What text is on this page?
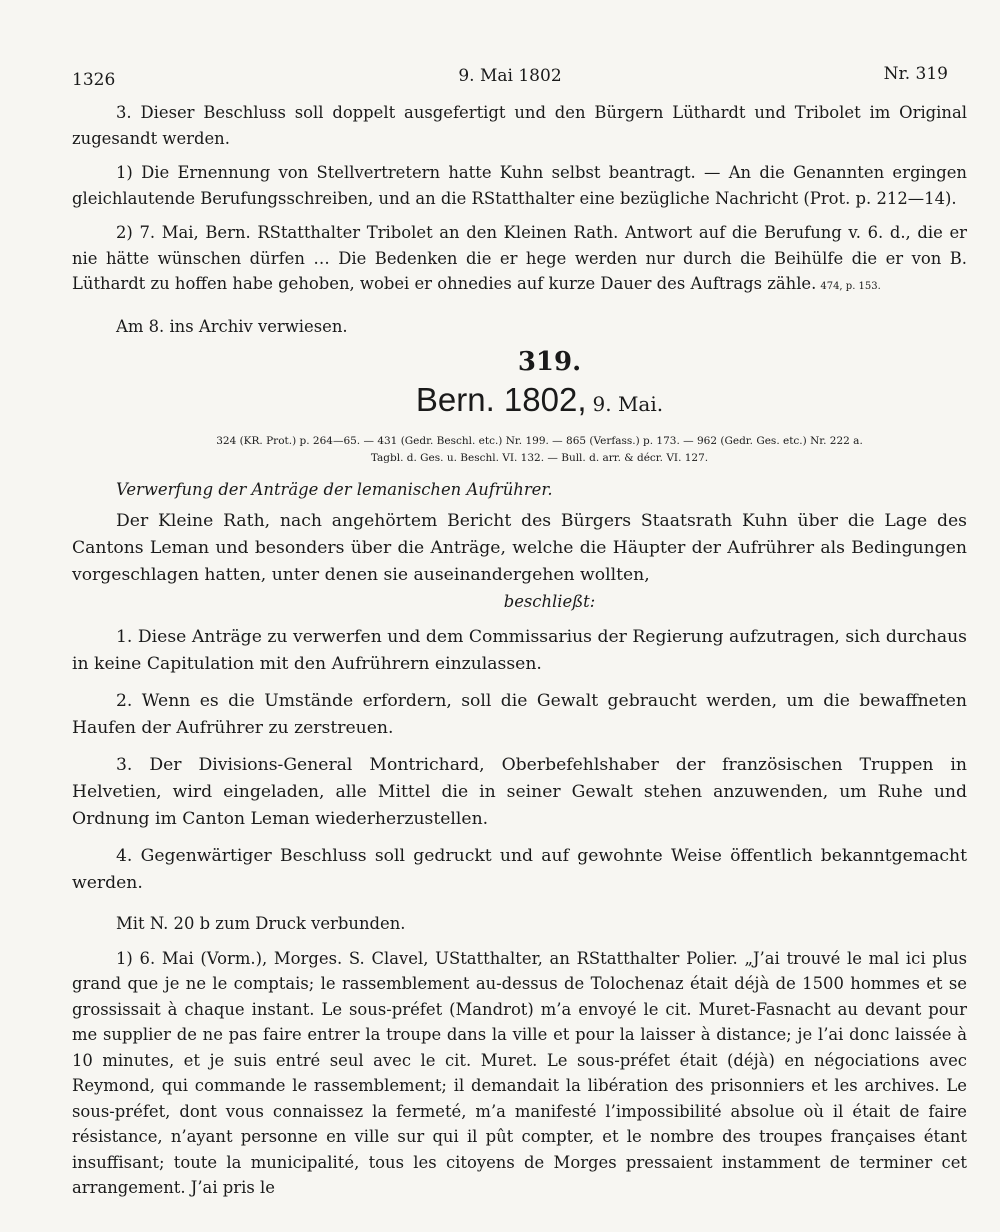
1326	9. Mai 1802	Nr. 319

3. Dieser Beschluss soll doppelt ausgefertigt und den Bürgern Lüthardt und Tribolet im Original zugesandt werden.

1) Die Ernennung von Stellvertretern hatte Kuhn selbst beantragt. — An die Genannten ergingen gleichlautende Berufungsschreiben, und an die RStatthalter eine bezügliche Nachricht (Prot. p. 212—14).

2) 7. Mai, Bern. RStatthalter Tribolet an den Kleinen Rath. Antwort auf die Berufung v. 6. d., die er nie hätte wünschen dürfen … Die Bedenken die er hege werden nur durch die Beihülfe die er von B. Lüthardt zu hoffen habe gehoben, wobei er ohnedies auf kurze Dauer des Auftrags zähle. 474, p. 153.

Am 8. ins Archiv verwiesen.

319.
Bern. 1802, 9. Mai.
324 (KR. Prot.) p. 264—65. — 431 (Gedr. Beschl. etc.) Nr. 199. — 865 (Verfass.) p. 173. — 962 (Gedr. Ges. etc.) Nr. 222 a.
Tagbl. d. Ges. u. Beschl. VI. 132. — Bull. d. arr. & décr. VI. 127.

Verwerfung der Anträge der lemanischen Aufrührer.

Der Kleine Rath, nach angehörtem Bericht des Bürgers Staatsrath Kuhn über die Lage des Cantons Leman und besonders über die Anträge, welche die Häupter der Aufrührer als Bedingungen vorgeschlagen hatten, unter denen sie auseinandergehen wollten,

beschließt:

1. Diese Anträge zu verwerfen und dem Commissarius der Regierung aufzutragen, sich durchaus in keine Capitulation mit den Aufrührern einzulassen.

2. Wenn es die Umstände erfordern, soll die Gewalt gebraucht werden, um die bewaffneten Haufen der Aufrührer zu zerstreuen.

3. Der Divisions-General Montrichard, Oberbefehlshaber der französischen Truppen in Helvetien, wird eingeladen, alle Mittel die in seiner Gewalt stehen anzuwenden, um Ruhe und Ordnung im Canton Leman wiederherzustellen.

4. Gegenwärtiger Beschluss soll gedruckt und auf gewohnte Weise öffentlich bekanntgemacht werden.

Mit N. 20 b zum Druck verbunden.

1) 6. Mai (Vorm.), Morges. S. Clavel, UStatthalter, an RStatthalter Polier. „J’ai trouvé le mal ici plus grand que je ne le comptais; le rassemblement au-dessus de Tolochenaz était déjà de 1500 hommes et se grossissait à chaque instant. Le sous-préfet (Mandrot) m’a envoyé le cit. Muret-Fasnacht au devant pour me supplier de ne pas faire entrer la troupe dans la ville et pour la laisser à distance; je l’ai donc laissée à 10 minutes, et je suis entré seul avec le cit. Muret. Le sous-préfet était (déjà) en négociations avec Reymond, qui commande le rassemblement; il demandait la libération des prisonniers et les archives. Le sous-préfet, dont vous connaissez la fermeté, m’a manifesté l’impossibilité absolue où il était de faire résistance, n’ayant personne en ville sur qui il pût compter, et le nombre des troupes françaises étant insuffisant; toute la municipalité, tous les citoyens de Morges pressaient instamment de terminer cet arrangement. J’ai pris le
